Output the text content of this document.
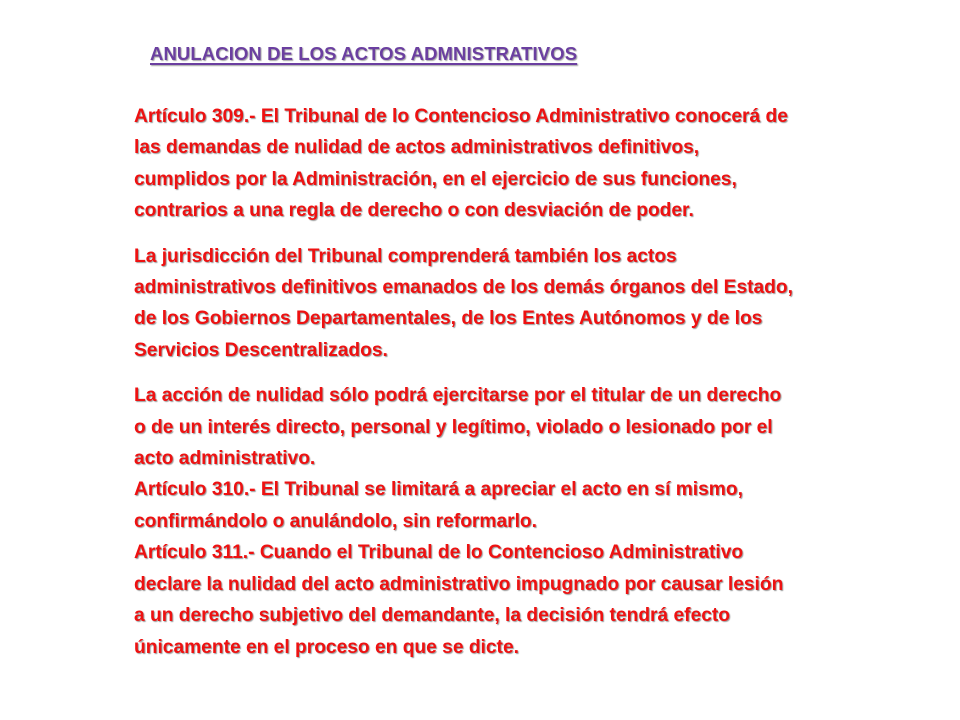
ANULACION DE LOS ACTOS ADMNISTRATIVOS

Artículo 309.- El Tribunal de lo Contencioso Administrativo conocerá de
las demandas de nulidad de actos administrativos definitivos,
cumplidos por la Administración, en el ejercicio de sus funciones,
contrarios a una regla de derecho o con desviación de poder.

La jurisdicción del Tribunal comprenderá también los actos
administrativos definitivos emanados de los demás órganos del Estado,
de los Gobiernos Departamentales, de los Entes Autónomos y de los
Servicios Descentralizados.

La acción de nulidad sólo podrá ejercitarse por el titular de un derecho
o de un interés directo, personal y legítimo, violado o lesionado por el
acto administrativo.

Artículo 310.- El Tribunal se limitará a apreciar el acto en sí mismo,
confirmándolo o anulándolo, sin reformarlo.

Artículo 311.- Cuando el Tribunal de lo Contencioso Administrativo
declare la nulidad del acto administrativo impugnado por causar lesión
a un derecho subjetivo del demandante, la decisión tendrá efecto
únicamente en el proceso en que se dicte.
